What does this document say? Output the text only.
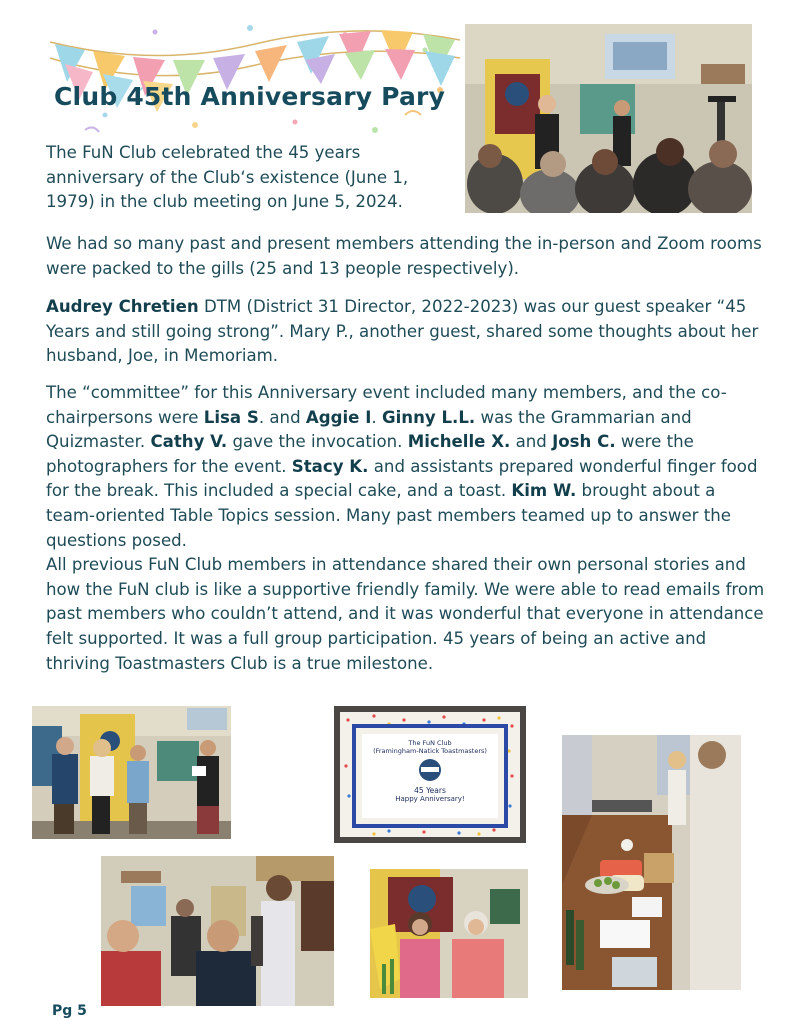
Club 45th Anniversary Pary
The FuN Club celebrated the 45 years anniversary of the Club‘s existence (June 1, 1979) in the club meeting on June 5, 2024.
We had so many past and present members attending the in-person and Zoom rooms were packed to the gills (25 and 13 people respectively).
Audrey Chretien DTM (District 31 Director, 2022-2023) was our guest speaker “45 Years and still going strong”. Mary P., another guest, shared some thoughts about her husband, Joe, in Memoriam.
The “committee” for this Anniversary event included many members, and the co-chairpersons were Lisa S. and Aggie I. Ginny L.L. was the Grammarian and Quizmaster. Cathy V. gave the invocation. Michelle X. and Josh C. were the photographers for the event. Stacy K. and assistants prepared wonderful finger food for the break. This included a special cake, and a toast. Kim W. brought about a team-oriented Table Topics session. Many past members teamed up to answer the questions posed.
All previous FuN Club members in attendance shared their own personal stories and how the FuN club is like a supportive friendly family. We were able to read emails from past members who couldn’t attend, and it was wonderful that everyone in attendance felt supported. It was a full group participation. 45 years of being an active and thriving Toastmasters Club is a true milestone.
The FuN Club
(Framingham-Natick Toastmasters)
45 Years
Happy Anniversary!
Pg 5
